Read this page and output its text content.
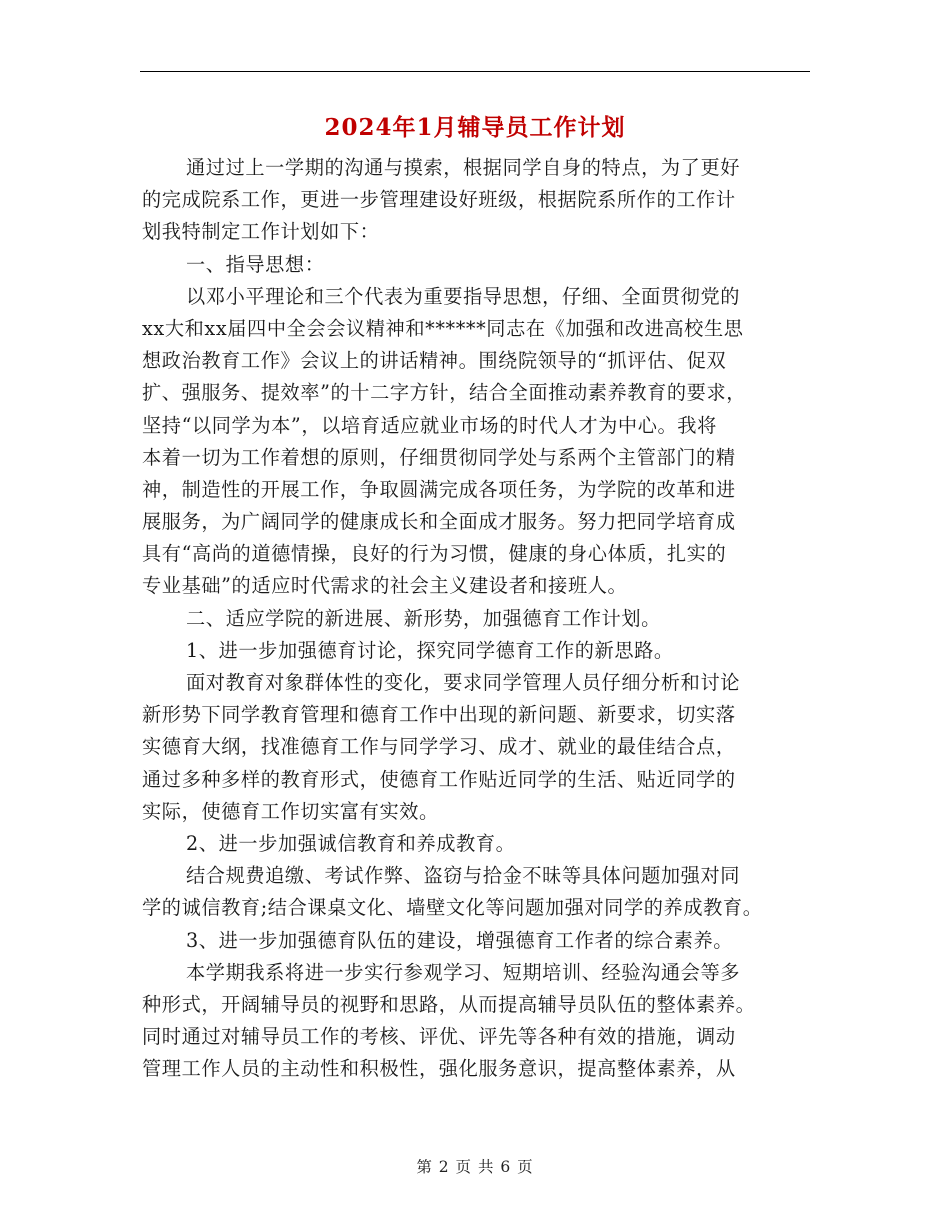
2024年1月辅导员工作计划
通过过上一学期的沟通与摸索，根据同学自身的特点，为了更好
的完成院系工作，更进一步管理建设好班级，根据院系所作的工作计
划我特制定工作计划如下：
一、指导思想：
以邓小平理论和三个代表为重要指导思想，仔细、全面贯彻党的
xx大和xx届四中全会会议精神和******同志在《加强和改进高校生思
想政治教育工作》会议上的讲话精神。围绕院领导的“抓评估、促双
扩、强服务、提效率”的十二字方针，结合全面推动素养教育的要求，
坚持“以同学为本”，以培育适应就业市场的时代人才为中心。我将
本着一切为工作着想的原则，仔细贯彻同学处与系两个主管部门的精
神，制造性的开展工作，争取圆满完成各项任务，为学院的改革和进
展服务，为广阔同学的健康成长和全面成才服务。努力把同学培育成
具有“高尚的道德情操，良好的行为习惯，健康的身心体质，扎实的
专业基础”的适应时代需求的社会主义建设者和接班人。
二、适应学院的新进展、新形势，加强德育工作计划。
1、进一步加强德育讨论，探究同学德育工作的新思路。
面对教育对象群体性的变化，要求同学管理人员仔细分析和讨论
新形势下同学教育管理和德育工作中出现的新问题、新要求，切实落
实德育大纲，找准德育工作与同学学习、成才、就业的最佳结合点，
通过多种多样的教育形式，使德育工作贴近同学的生活、贴近同学的
实际，使德育工作切实富有实效。
2、进一步加强诚信教育和养成教育。
结合规费追缴、考试作弊、盗窃与拾金不昧等具体问题加强对同
学的诚信教育;结合课桌文化、墙壁文化等问题加强对同学的养成教育。
3、进一步加强德育队伍的建设，增强德育工作者的综合素养。
本学期我系将进一步实行参观学习、短期培训、经验沟通会等多
种形式，开阔辅导员的视野和思路，从而提高辅导员队伍的整体素养。
同时通过对辅导员工作的考核、评优、评先等各种有效的措施，调动
管理工作人员的主动性和积极性，强化服务意识，提高整体素养，从
第 2 页 共 6 页
